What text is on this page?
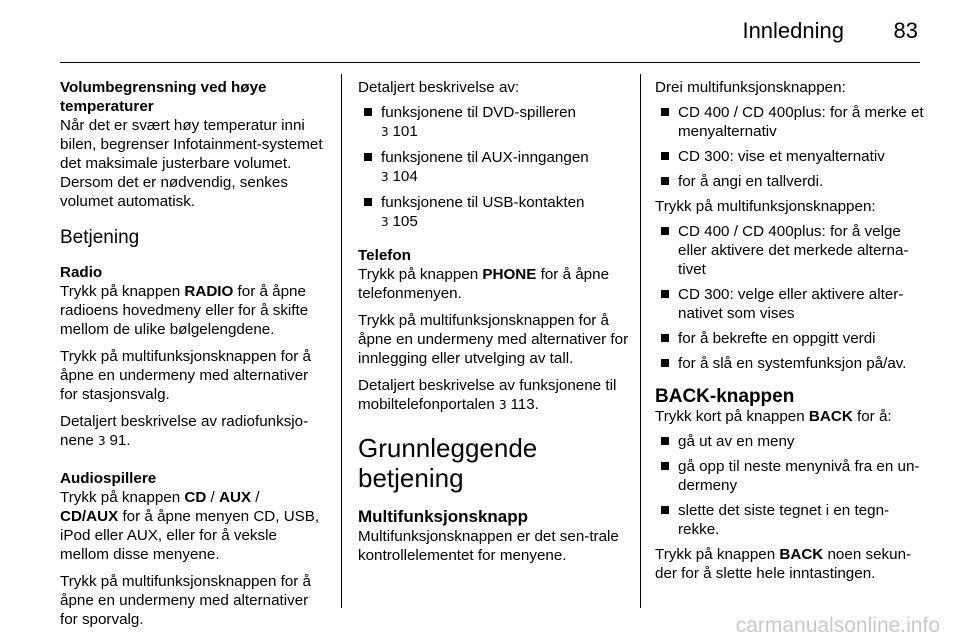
Innledning 83

Volumbegrensning ved høye temperaturer

Når det er svært høy temperatur inni bilen, begrenser Infotainment-systemet det maksimale justerbare volumet. Dersom det er nødvendig, senkes volumet automatisk.

Betjening

Radio

Trykk på knappen RADIO for å åpne radioens hovedmeny eller for å skifte mellom de ulike bølgelengdene.

Trykk på multifunksjonsknappen for å åpne en undermeny med alternativer for stasjonsvalg.

Detaljert beskrivelse av radiofunksjo-nene 3 91.

Audiospillere

Trykk på knappen CD / AUX /
CD/AUX for å åpne menyen CD, USB, iPod eller AUX, eller for å veksle mellom disse menyene.

Trykk på multifunksjonsknappen for å åpne en undermeny med alternativer for sporvalg.

Detaljert beskrivelse av:

funksjonene til DVD-spilleren
3 101
funksjonene til AUX-inngangen
3 104
funksjonene til USB-kontakten
3 105

Telefon

Trykk på knappen PHONE for å åpne telefonmenyen.

Trykk på multifunksjonsknappen for å åpne en undermeny med alternativer for innlegging eller utvelging av tall.

Detaljert beskrivelse av funksjonene til mobiltelefonportalen 3 113.

Grunnleggende betjening
Multifunksjonsknapp

Multifunksjonsknappen er det sen-trale kontrollelementet for menyene.

Drei multifunksjonsknappen:

CD 400 / CD 400plus: for å merke et menyalternativ
CD 300: vise et menyalternativ
for å angi en tallverdi.

Trykk på multifunksjonsknappen:

CD 400 / CD 400plus: for å velge eller aktivere det merkede alterna-tivet
CD 300: velge eller aktivere alter-nativet som vises
for å bekrefte en oppgitt verdi
for å slå en systemfunksjon på/av.
BACK-knappen

Trykk kort på knappen BACK for å:

gå ut av en meny
gå opp til neste menynivå fra en un-dermeny
slette det siste tegnet i en tegn-rekke.

Trykk på knappen BACK noen sekun-der for å slette hele inntastingen.

carmanualsonline.info
